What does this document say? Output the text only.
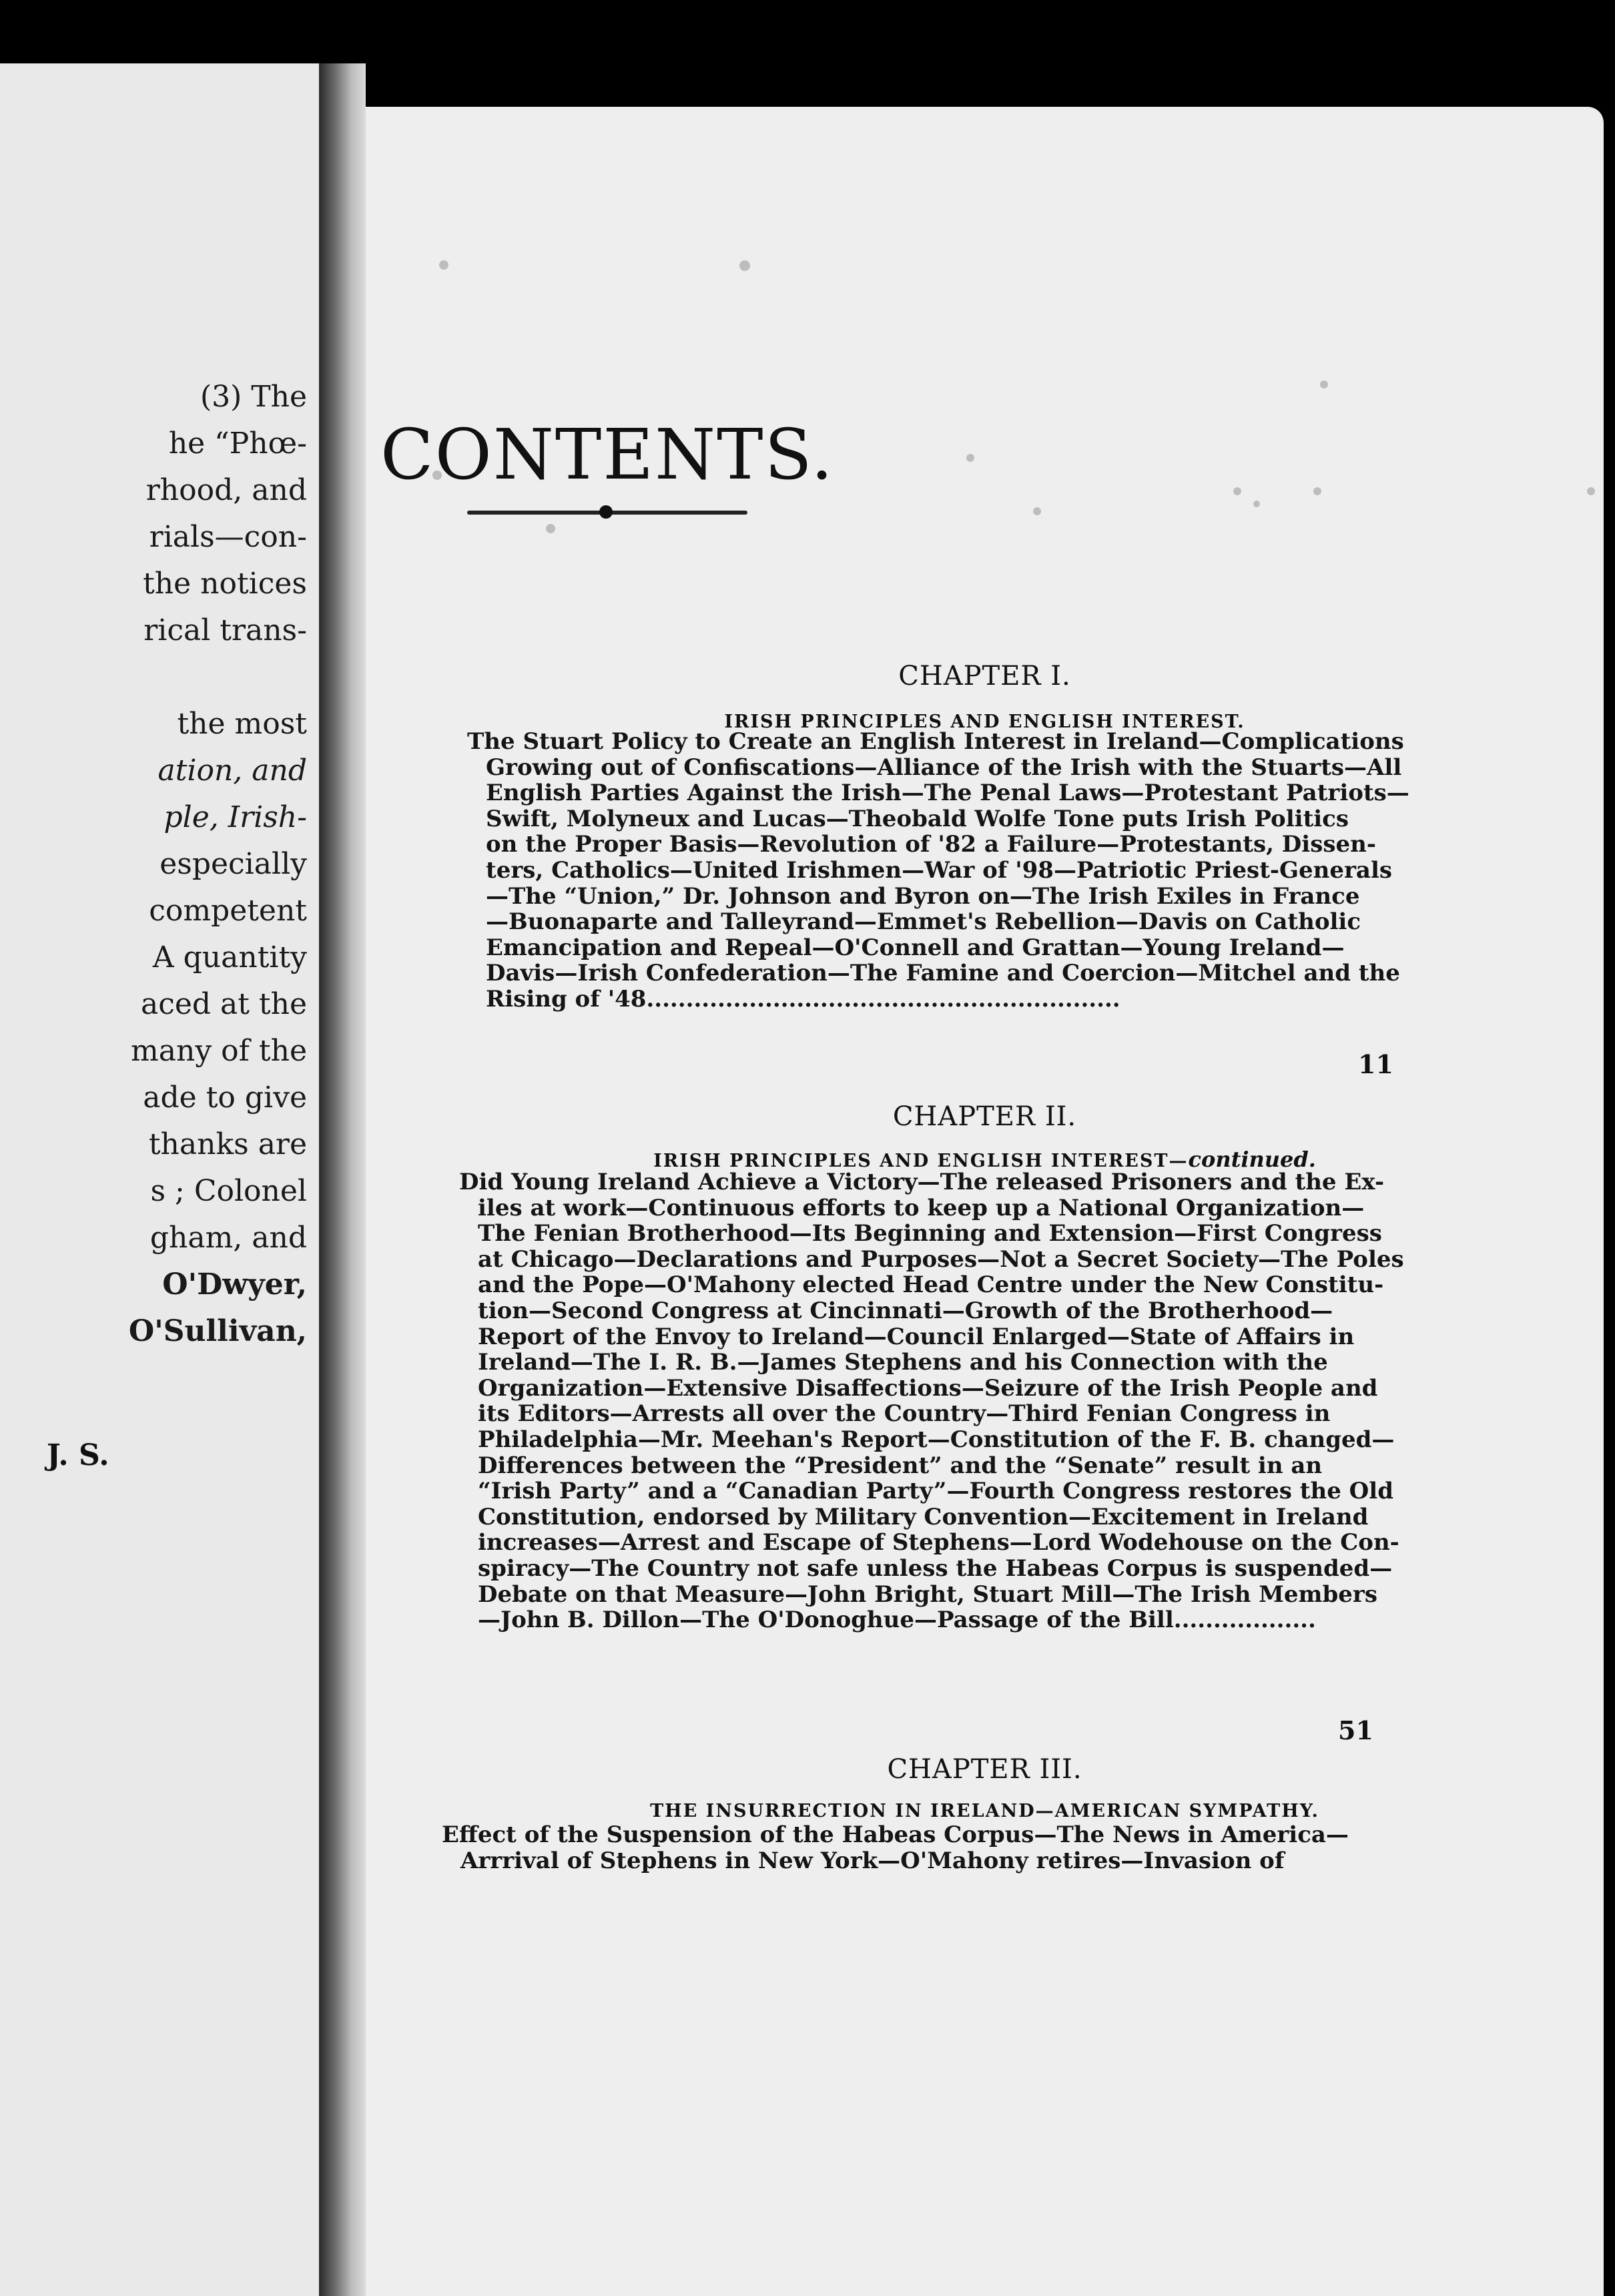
(3) The
he “Phœ-
rhood, and
rials—con-
the notices
rical trans-
the most
ation, and
ple, Irish-
especially
competent
A quantity
aced at the
many of the
ade to give
thanks are
s ; Colonel
gham, and
O'Dwyer,
O'Sullivan,
J. S.
CONTENTS.
CHAPTER I.
IRISH PRINCIPLES AND ENGLISH INTEREST.
The Stuart Policy to Create an English Interest in Ireland—Complications
Growing out of Confiscations—Alliance of the Irish with the Stuarts—All
English Parties Against the Irish—The Penal Laws—Protestant Patriots—
Swift, Molyneux and Lucas—Theobald Wolfe Tone puts Irish Politics
on the Proper Basis—Revolution of '82 a Failure—Protestants, Dissen-
ters, Catholics—United Irishmen—War of '98—Patriotic Priest-Generals
—The “Union,” Dr. Johnson and Byron on—The Irish Exiles in France
—Buonaparte and Talleyrand—Emmet's Rebellion—Davis on Catholic
Emancipation and Repeal—O'Connell and Grattan—Young Ireland—
Davis—Irish Confederation—The Famine and Coercion—Mitchel and the
Rising of '48............................................................
11
CHAPTER II.
IRISH PRINCIPLES AND ENGLISH INTEREST—continued.
Did Young Ireland Achieve a Victory—The released Prisoners and the Ex-
iles at work—Continuous efforts to keep up a National Organization—
The Fenian Brotherhood—Its Beginning and Extension—First Congress
at Chicago—Declarations and Purposes—Not a Secret Society—The Poles
and the Pope—O'Mahony elected Head Centre under the New Constitu-
tion—Second Congress at Cincinnati—Growth of the Brotherhood—
Report of the Envoy to Ireland—Council Enlarged—State of Affairs in
Ireland—The I. R. B.—James Stephens and his Connection with the
Organization—Extensive Disaffections—Seizure of the Irish People and
its Editors—Arrests all over the Country—Third Fenian Congress in
Philadelphia—Mr. Meehan's Report—Constitution of the F. B. changed—
Differences between the “President” and the “Senate” result in an
“Irish Party” and a “Canadian Party”—Fourth Congress restores the Old
Constitution, endorsed by Military Convention—Excitement in Ireland
increases—Arrest and Escape of Stephens—Lord Wodehouse on the Con-
spiracy—The Country not safe unless the Habeas Corpus is suspended—
Debate on that Measure—John Bright, Stuart Mill—The Irish Members
—John B. Dillon—The O'Donoghue—Passage of the Bill..................
51
CHAPTER III.
THE INSURRECTION IN IRELAND—AMERICAN SYMPATHY.
Effect of the Suspension of the Habeas Corpus—The News in America—
Arrrival of Stephens in New York—O'Mahony retires—Invasion of
